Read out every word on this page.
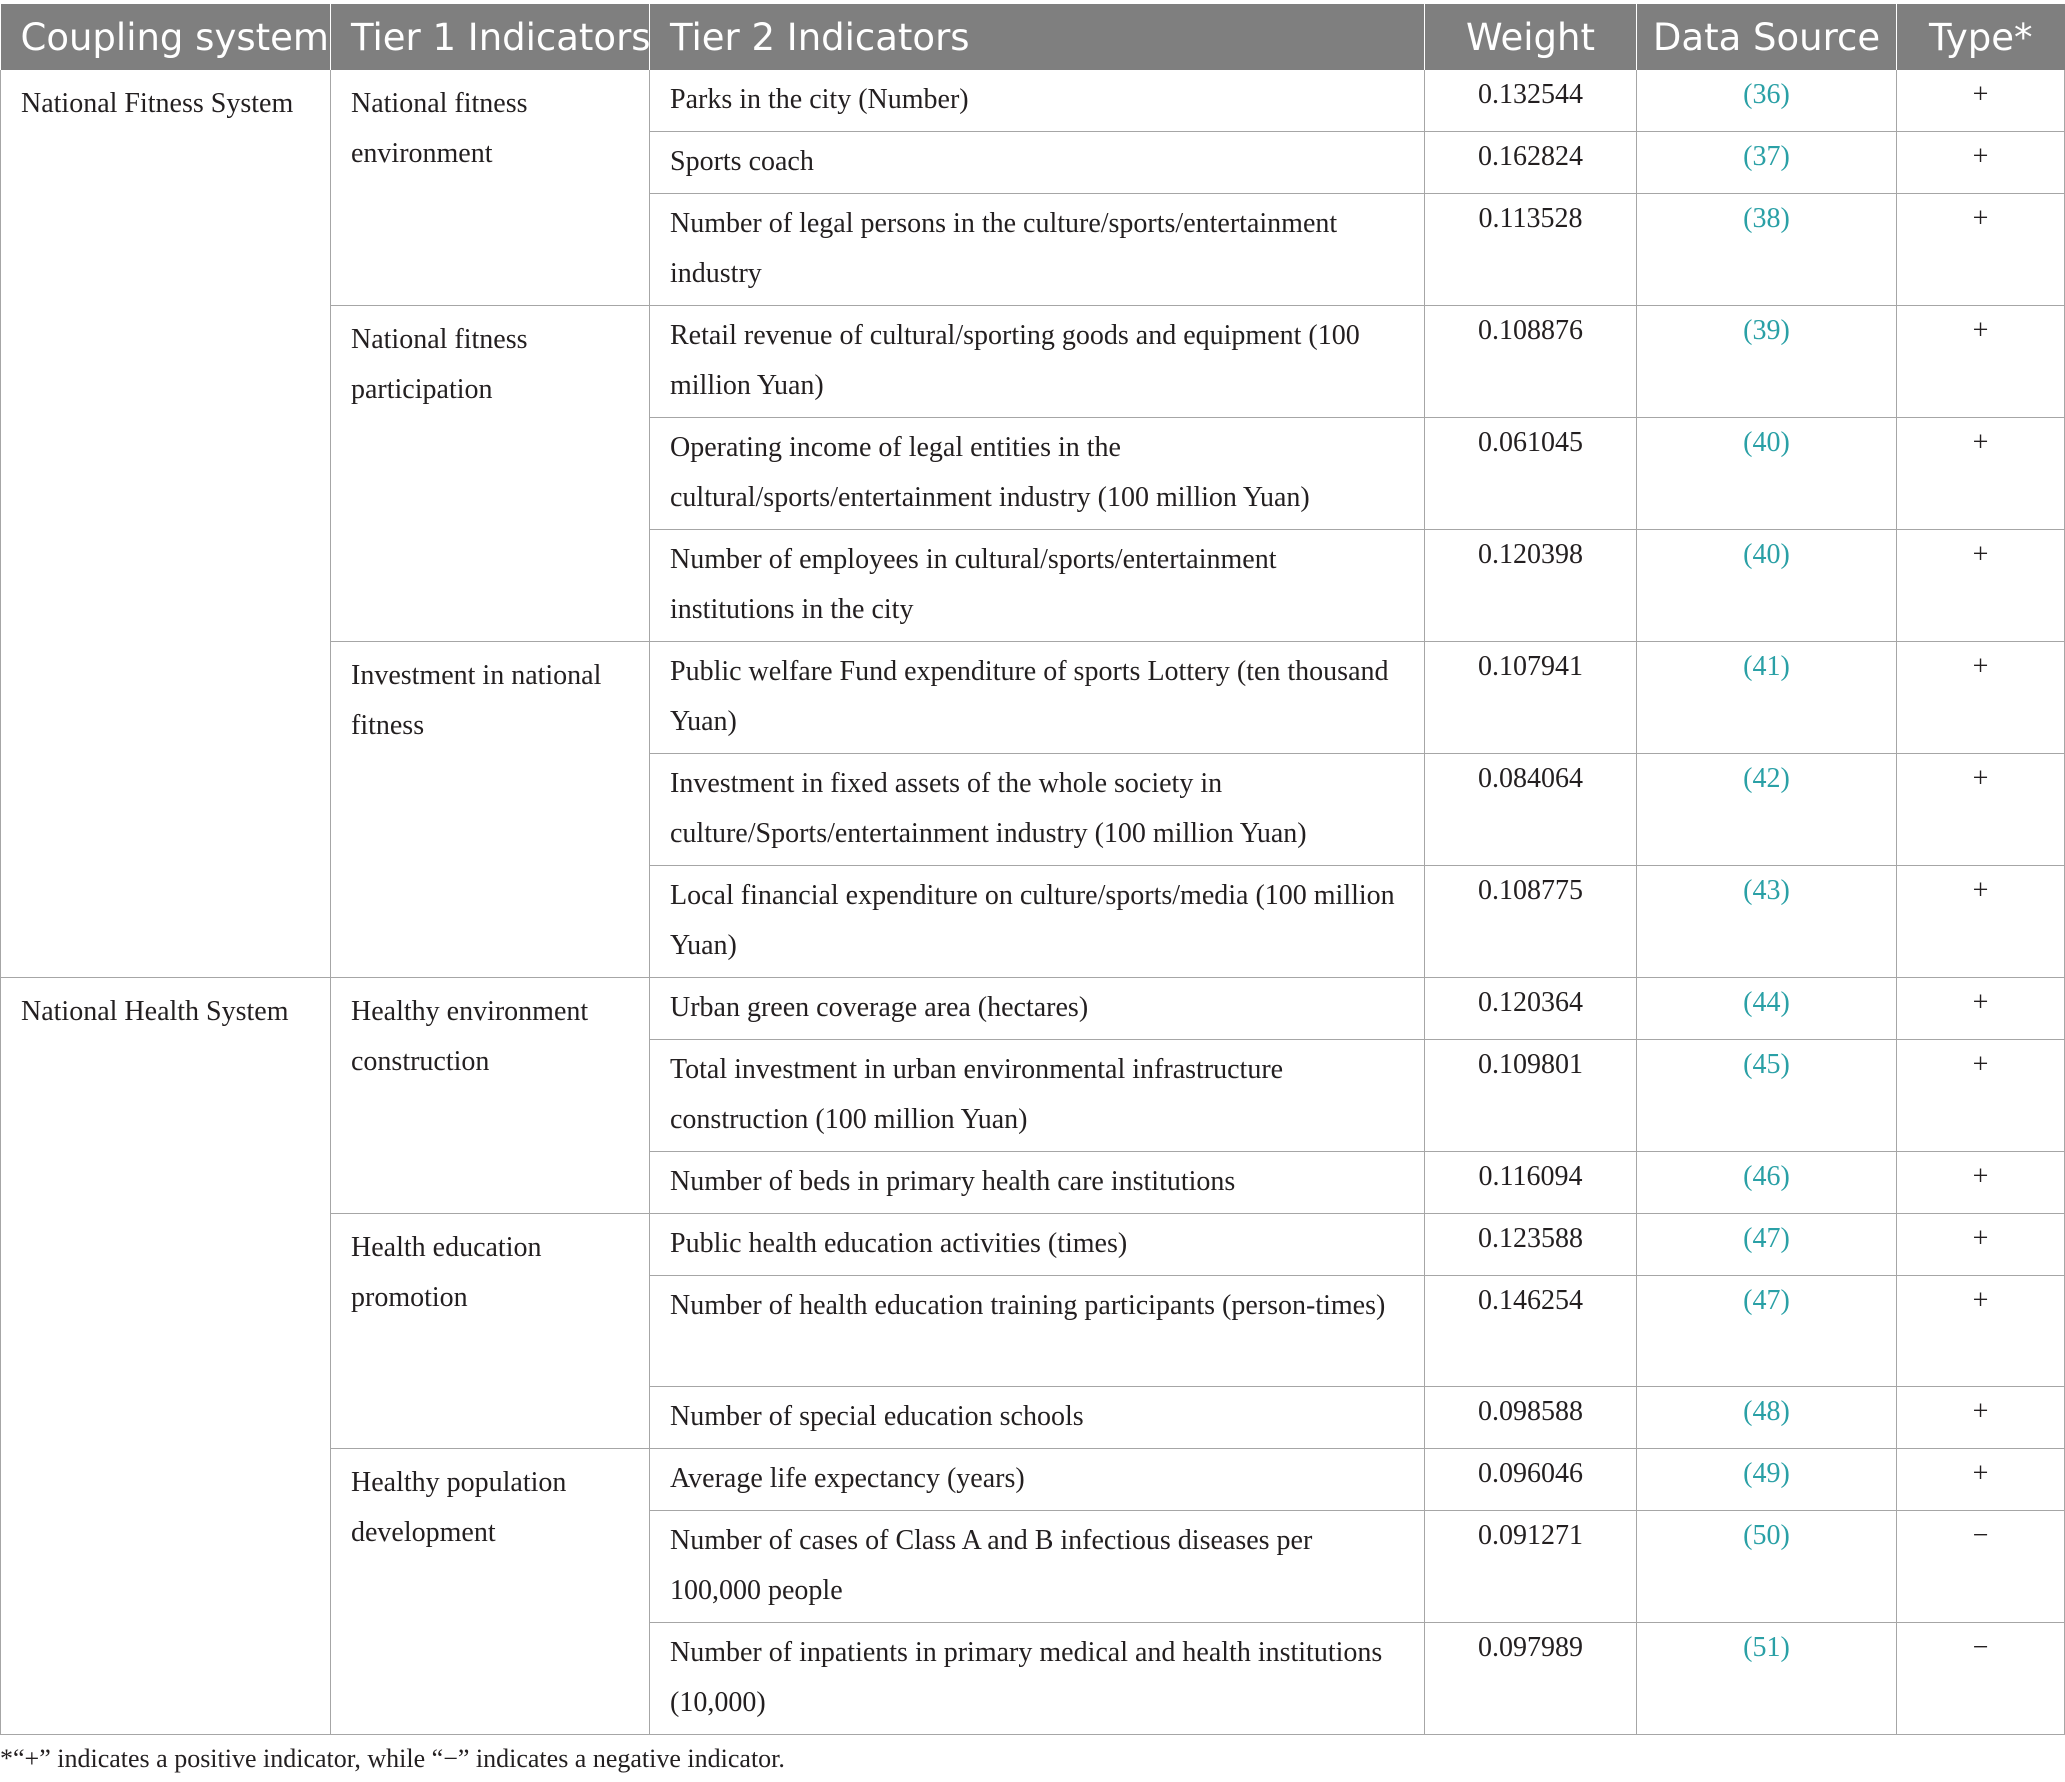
Coupling system	Tier 1 Indicators	Tier 2 Indicators	Weight	Data Source	Type*
National Fitness System	National fitness environment	Parks in the city (Number)	0.132544	(36)	+
		Sports coach	0.162824	(37)	+
		Number of legal persons in the culture/sports/entertainment industry	0.113528	(38)	+
	National fitness participation	Retail revenue of cultural/sporting goods and equipment (100 million Yuan)	0.108876	(39)	+
		Operating income of legal entities in the cultural/sports/entertainment industry (100 million Yuan)	0.061045	(40)	+
		Number of employees in cultural/sports/entertainment institutions in the city	0.120398	(40)	+
	Investment in national fitness	Public welfare Fund expenditure of sports Lottery (ten thousand Yuan)	0.107941	(41)	+
		Investment in fixed assets of the whole society in culture/Sports/entertainment industry (100 million Yuan)	0.084064	(42)	+
		Local financial expenditure on culture/sports/media (100 million Yuan)	0.108775	(43)	+
National Health System	Healthy environment construction	Urban green coverage area (hectares)	0.120364	(44)	+
		Total investment in urban environmental infrastructure construction (100 million Yuan)	0.109801	(45)	+
		Number of beds in primary health care institutions	0.116094	(46)	+
	Health education promotion	Public health education activities (times)	0.123588	(47)	+
		Number of health education training participants (person-times)	0.146254	(47)	+
		Number of special education schools	0.098588	(48)	+
	Healthy population development	Average life expectancy (years)	0.096046	(49)	+
		Number of cases of Class A and B infectious diseases per 100,000 people	0.091271	(50)	−
		Number of inpatients in primary medical and health institutions (10,000)	0.097989	(51)	−
*“+” indicates a positive indicator, while “−” indicates a negative indicator.
